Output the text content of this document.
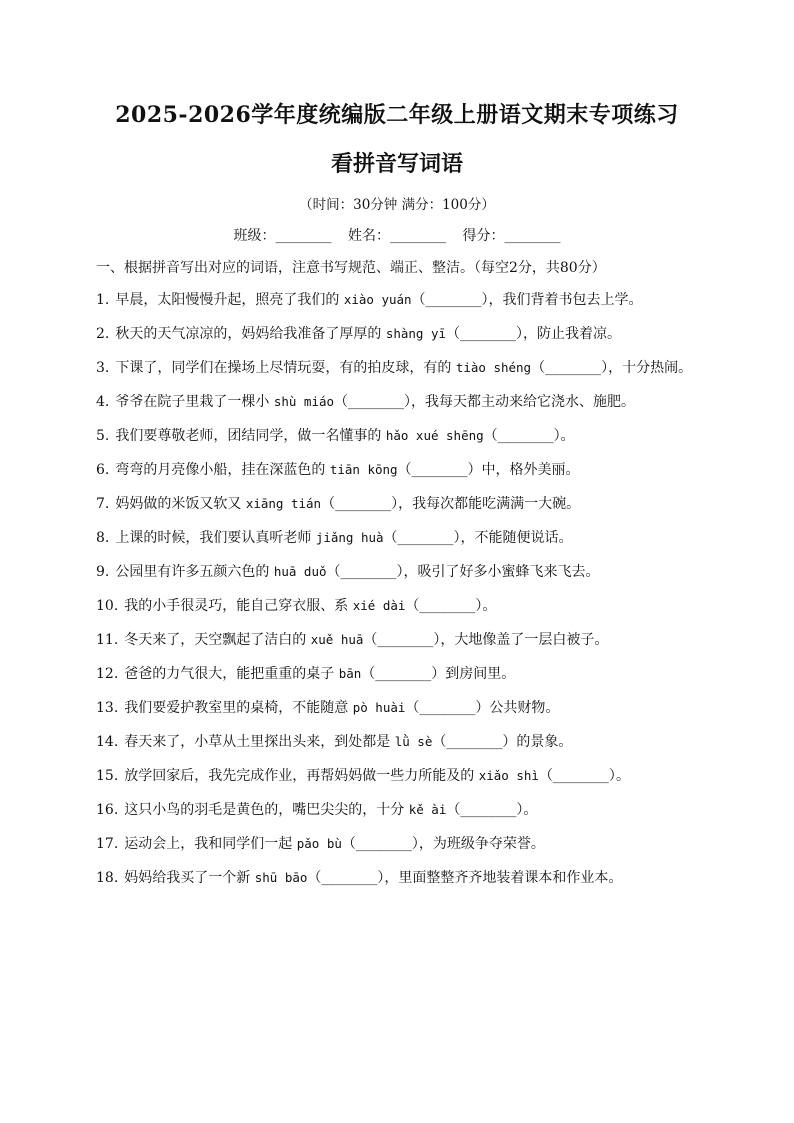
2025-2026学年度统编版二年级上册语文期末专项练习
看拼音写词语

（时间：30分钟 满分：100分）

班级：________ 姓名：________ 得分：________

一、根据拼音写出对应的词语，注意书写规范、端正、整洁。（每空2分，共80分）

1. 早晨，太阳慢慢升起，照亮了我们的 xiào yuán（________），我们背着书包去上学。
2. 秋天的天气凉凉的，妈妈给我准备了厚厚的 shàng yī（________），防止我着凉。
3. 下课了，同学们在操场上尽情玩耍，有的拍皮球，有的 tiào shéng（________），十分热闹。
4. 爷爷在院子里栽了一棵小 shù miáo（________），我每天都主动来给它浇水、施肥。
5. 我们要尊敬老师，团结同学，做一名懂事的 hǎo xué shēng（________）。
6. 弯弯的月亮像小船，挂在深蓝色的 tiān kōng（________）中，格外美丽。
7. 妈妈做的米饭又软又 xiāng tián（________），我每次都能吃满满一大碗。
8. 上课的时候，我们要认真听老师 jiǎng huà（________），不能随便说话。
9. 公园里有许多五颜六色的 huā duǒ（________），吸引了好多小蜜蜂飞来飞去。
10. 我的小手很灵巧，能自己穿衣服、系 xié dài（________）。
11. 冬天来了，天空飘起了洁白的 xuě huā（________），大地像盖了一层白被子。
12. 爸爸的力气很大，能把重重的桌子 bān（________）到房间里。
13. 我们要爱护教室里的桌椅，不能随意 pò huài（________）公共财物。
14. 春天来了，小草从土里探出头来，到处都是 lǜ sè（________）的景象。
15. 放学回家后，我先完成作业，再帮妈妈做一些力所能及的 xiǎo shì（________）。
16. 这只小鸟的羽毛是黄色的，嘴巴尖尖的，十分 kě ài（________）。
17. 运动会上，我和同学们一起 pǎo bù（________），为班级争夺荣誉。
18. 妈妈给我买了一个新 shū bāo（________），里面整整齐齐地装着课本和作业本。
